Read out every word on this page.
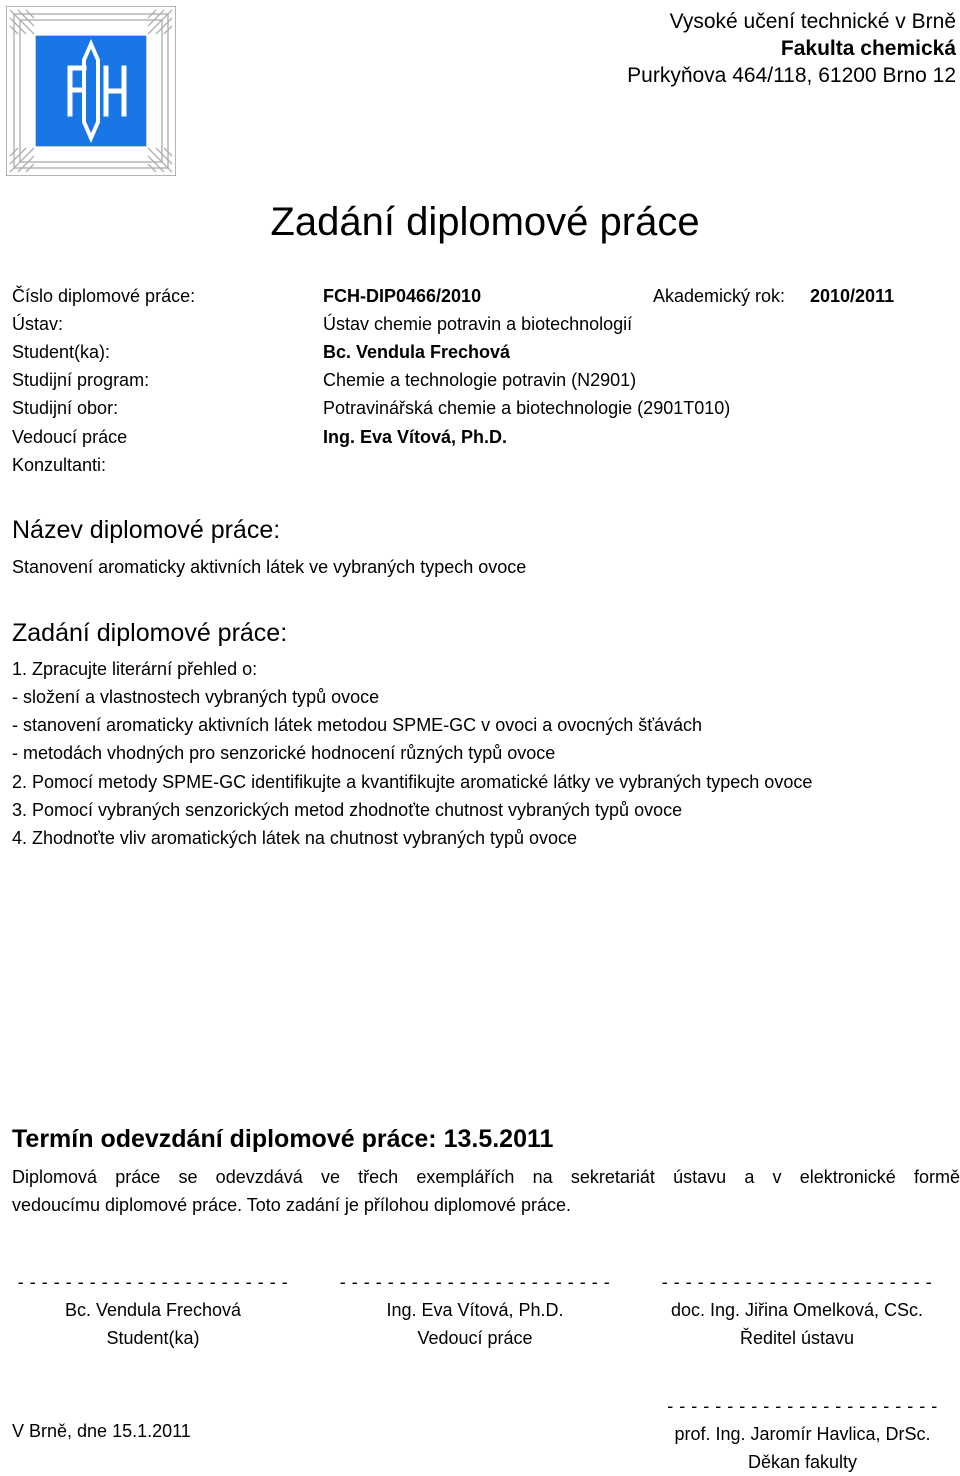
Vysoké učení technické v Brně
Fakulta chemická
Purkyňova 464/118, 61200 Brno 12
Zadání diplomové práce
Číslo diplomové práce:	FCH-DIP0466/2010	Akademický rok: 2010/2011
Ústav:	Ústav chemie potravin a biotechnologií
Student(ka):	Bc. Vendula Frechová
Studijní program:	Chemie a technologie potravin (N2901)
Studijní obor:	Potravinářská chemie a biotechnologie (2901T010)
Vedoucí práce	Ing. Eva Vítová, Ph.D.
Konzultanti:
Název diplomové práce:
Stanovení aromaticky aktivních látek ve vybraných typech ovoce
Zadání diplomové práce:
1. Zpracujte literární přehled o:
- složení a vlastnostech vybraných typů ovoce
- stanovení aromaticky aktivních látek metodou SPME-GC v ovoci a ovocných šťávách
- metodách vhodných pro senzorické hodnocení různých typů ovoce
2. Pomocí metody SPME-GC identifikujte a kvantifikujte aromatické látky ve vybraných typech ovoce
3. Pomocí vybraných senzorických metod zhodnoťte chutnost vybraných typů ovoce
4. Zhodnoťte vliv aromatických látek na chutnost vybraných typů ovoce
Termín odevzdání diplomové práce: 13.5.2011
Diplomová práce se odevzdává ve třech exemplářích na sekretariát ústavu a v elektronické formě
vedoucímu diplomové práce. Toto zadání je přílohou diplomové práce.
- - - - - - - - - - - - - - - - - - - - - - -
Bc. Vendula Frechová
Student(ka)
- - - - - - - - - - - - - - - - - - - - - - -
Ing. Eva Vítová, Ph.D.
Vedoucí práce
- - - - - - - - - - - - - - - - - - - - - - -
doc. Ing. Jiřina Omelková, CSc.
Ředitel ústavu
V Brně, dne 15.1.2011
- - - - - - - - - - - - - - - - - - - - - - -
prof. Ing. Jaromír Havlica, DrSc.
Děkan fakulty
